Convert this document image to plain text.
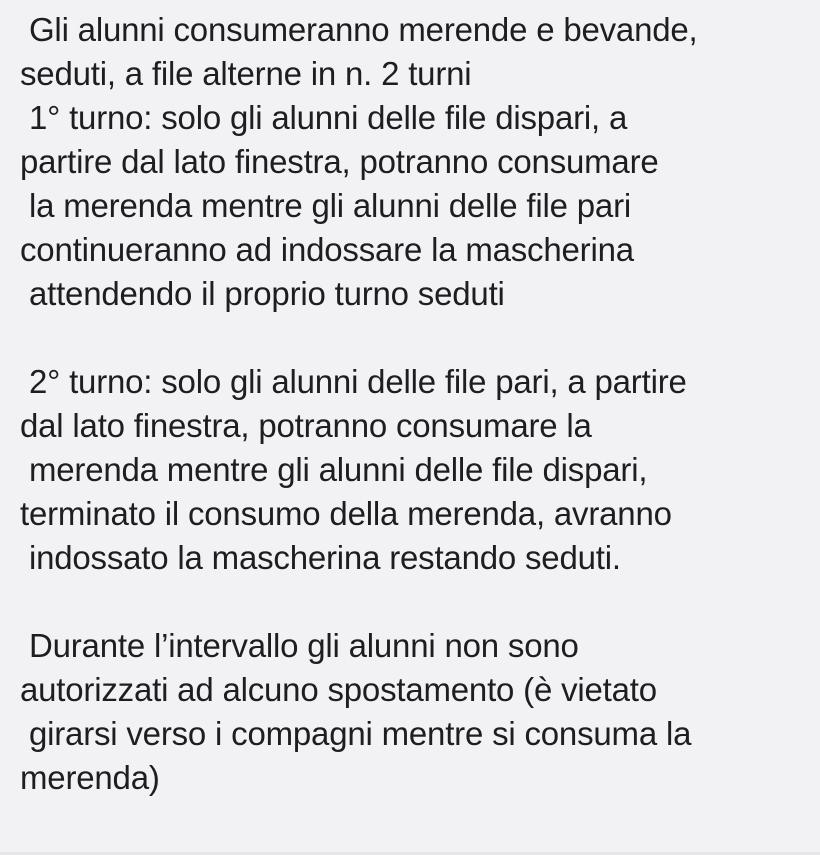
Gli alunni consumeranno merende e bevande,
seduti, a file alterne in n. 2 turni
1° turno: solo gli alunni delle file dispari, a
partire dal lato finestra, potranno consumare
la merenda mentre gli alunni delle file pari
continueranno ad indossare la mascherina
attendendo il proprio turno seduti
2° turno: solo gli alunni delle file pari, a partire
dal lato finestra, potranno consumare la
merenda mentre gli alunni delle file dispari,
terminato il consumo della merenda, avranno
indossato la mascherina restando seduti.
Durante l’intervallo gli alunni non sono
autorizzati ad alcuno spostamento (è vietato
girarsi verso i compagni mentre si consuma la
merenda)
